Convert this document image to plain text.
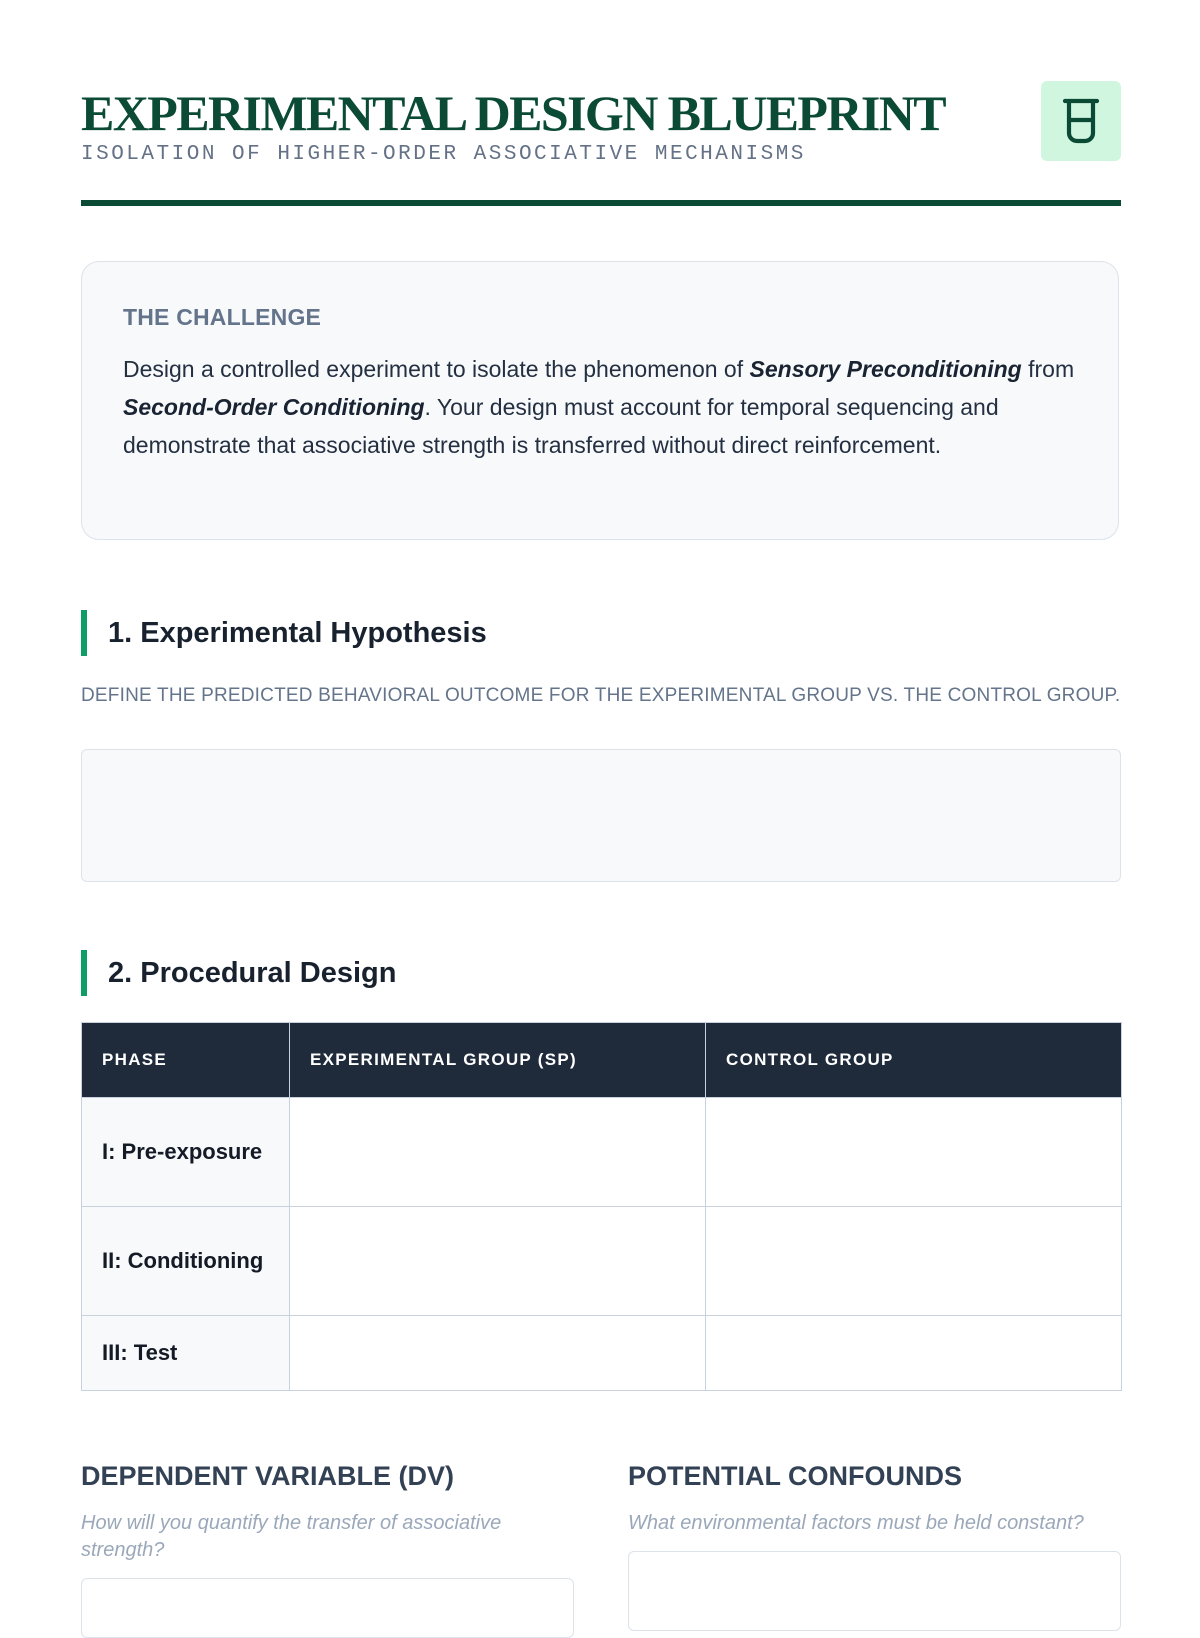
EXPERIMENTAL DESIGN BLUEPRINT
ISOLATION OF HIGHER-ORDER ASSOCIATIVE MECHANISMS
THE CHALLENGE
Design a controlled experiment to isolate the phenomenon of Sensory Preconditioning from Second-Order Conditioning. Your design must account for temporal sequencing and demonstrate that associative strength is transferred without direct reinforcement.
1. Experimental Hypothesis
DEFINE THE PREDICTED BEHAVIORAL OUTCOME FOR THE EXPERIMENTAL GROUP VS. THE CONTROL GROUP.
2. Procedural Design
PHASE	EXPERIMENTAL GROUP (SP)	CONTROL GROUP
I: Pre-exposure		
II: Conditioning		
III: Test		
DEPENDENT VARIABLE (DV)
How will you quantify the transfer of associative strength?
POTENTIAL CONFOUNDS
What environmental factors must be held constant?
